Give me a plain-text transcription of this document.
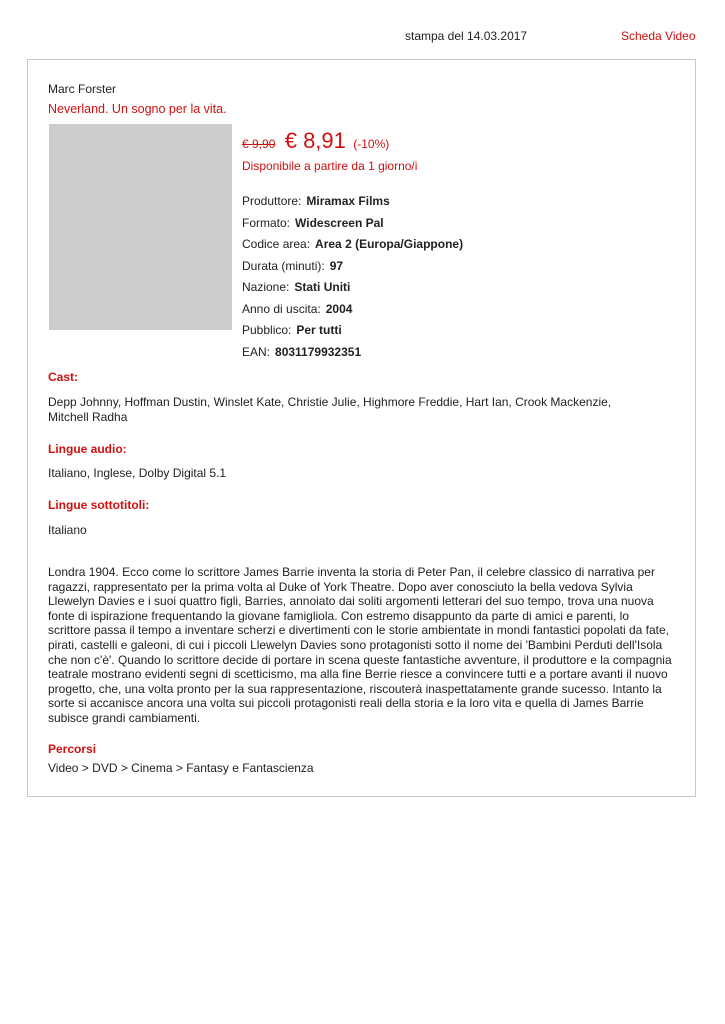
stampa del 14.03.2017	Scheda Video
Marc Forster
Neverland. Un sogno per la vita.
€ 9,90 € 8,91 (-10%)
Disponibile a partire da 1 giorno/i
Produttore: Miramax Films
Formato: Widescreen Pal
Codice area: Area 2 (Europa/Giappone)
Durata (minuti): 97
Nazione: Stati Uniti
Anno di uscita: 2004
Pubblico: Per tutti
EAN: 8031179932351
Cast:
Depp Johnny, Hoffman Dustin, Winslet Kate, Christie Julie, Highmore Freddie, Hart Ian, Crook Mackenzie, Mitchell Radha
Lingue audio:
Italiano, Inglese, Dolby Digital 5.1
Lingue sottotitoli:
Italiano
Londra 1904. Ecco come lo scrittore James Barrie inventa la storia di Peter Pan, il celebre classico di narrativa per ragazzi, rappresentato per la prima volta al Duke of York Theatre. Dopo aver conosciuto la bella vedova Sylvia Llewelyn Davies e i suoi quattro figli, Barries, annoiato dai soliti argomenti letterari del suo tempo, trova una nuova fonte di ispirazione frequentando la giovane famigliola. Con estremo disappunto da parte di amici e parenti, lo scrittore passa il tempo a inventare scherzi e divertimenti con le storie ambientate in mondi fantastici popolati da fate, pirati, castelli e galeoni, di cui i piccoli Llewelyn Davies sono protagonisti sotto il nome dei 'Bambini Perduti dell'Isola che non c'è'. Quando lo scrittore decide di portare in scena queste fantastiche avventure, il produttore e la compagnia teatrale mostrano evidenti segni di scetticismo, ma alla fine Berrie riesce a convincere tutti e a portare avanti il nuovo progetto, che, una volta pronto per la sua rappresentazione, riscouterà inaspettatamente grande sucesso. Intanto la sorte si accanisce ancora una volta sui piccoli protagonisti reali della storia e la loro vita e quella di James Barrie subisce grandi cambiamenti.
Percorsi
Video > DVD > Cinema > Fantasy e Fantascienza
